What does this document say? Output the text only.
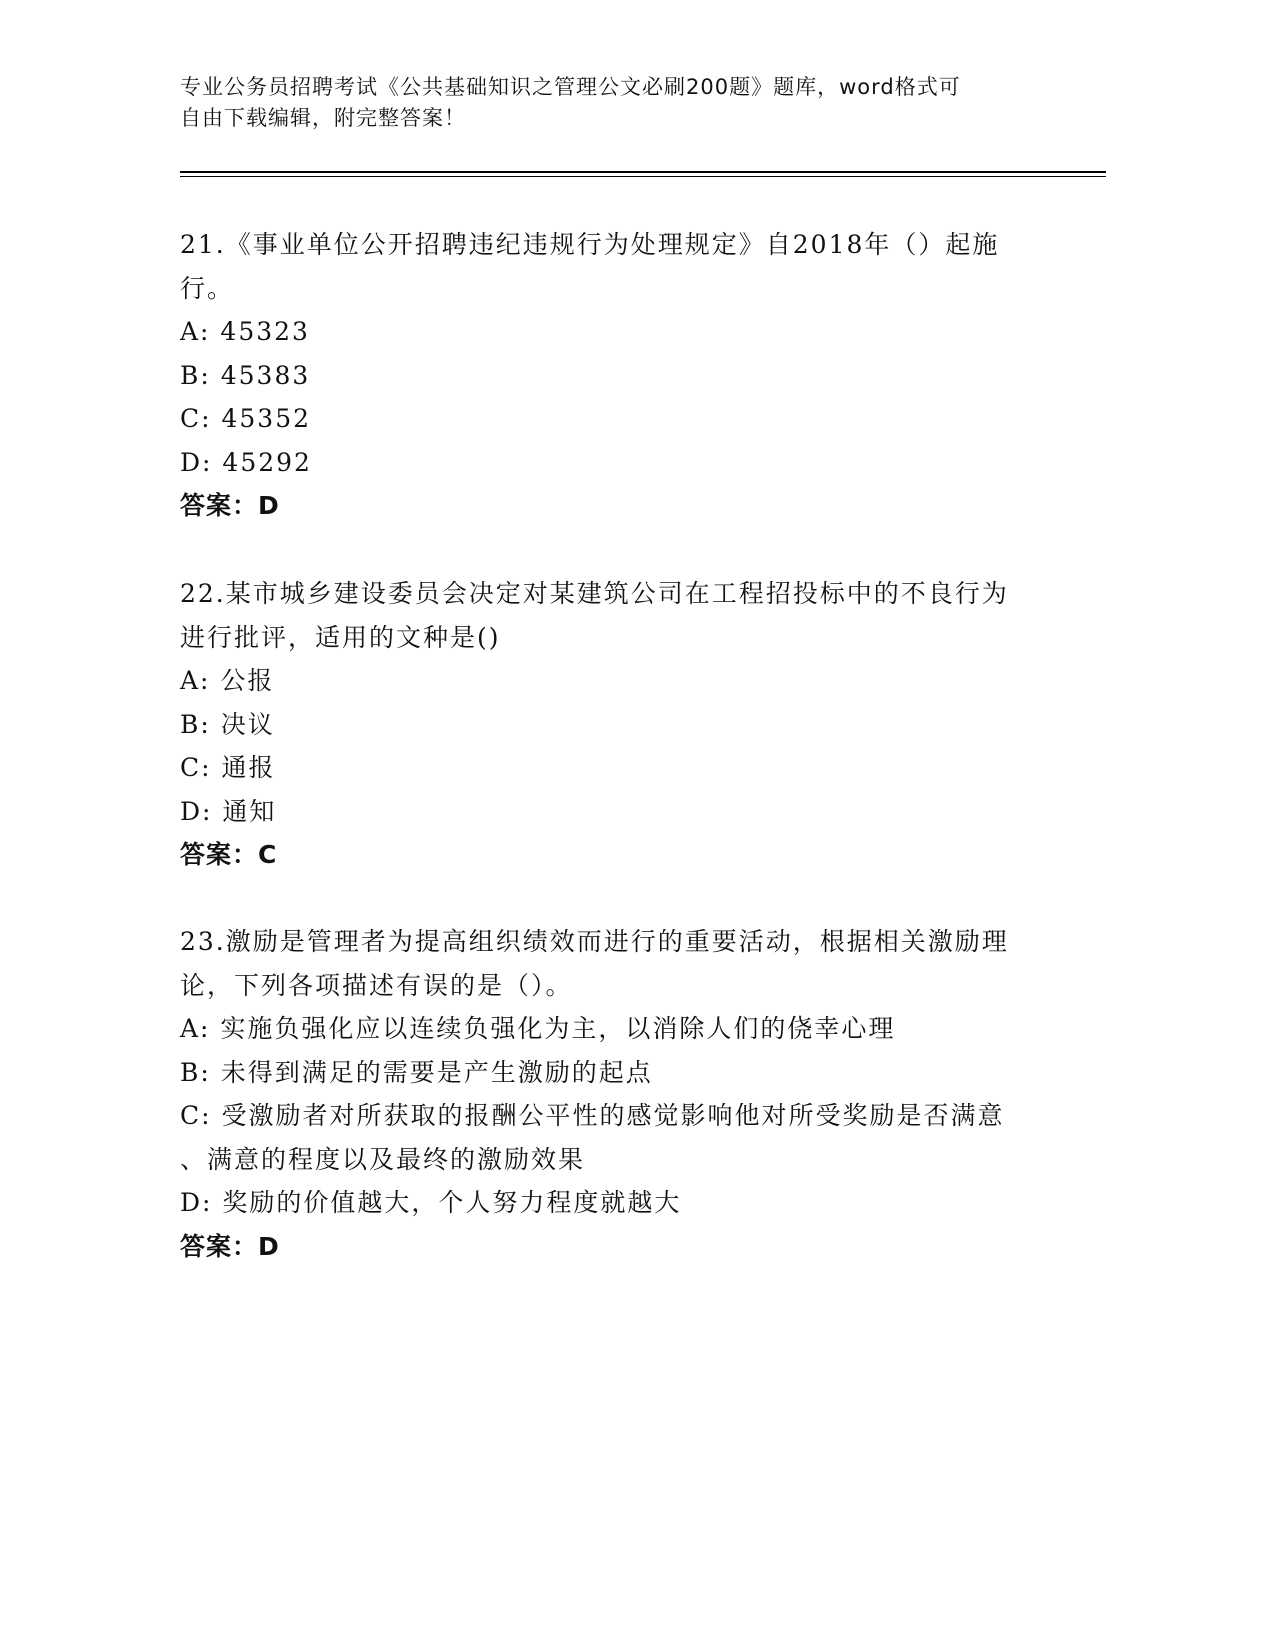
专业公务员招聘考试《公共基础知识之管理公文必刷200题》题库，word格式可
自由下载编辑，附完整答案！
21.《事业单位公开招聘违纪违规行为处理规定》自2018年（）起施
行。
A: 45323
B: 45383
C: 45352
D: 45292
答案：D
22.某市城乡建设委员会决定对某建筑公司在工程招投标中的不良行为
进行批评，适用的文种是()
A: 公报
B: 决议
C: 通报
D: 通知
答案：C
23.激励是管理者为提高组织绩效而进行的重要活动，根据相关激励理
论，下列各项描述有误的是（）。
A: 实施负强化应以连续负强化为主，以消除人们的侥幸心理
B: 未得到满足的需要是产生激励的起点
C: 受激励者对所获取的报酬公平性的感觉影响他对所受奖励是否满意
、满意的程度以及最终的激励效果
D: 奖励的价值越大，个人努力程度就越大
答案：D
